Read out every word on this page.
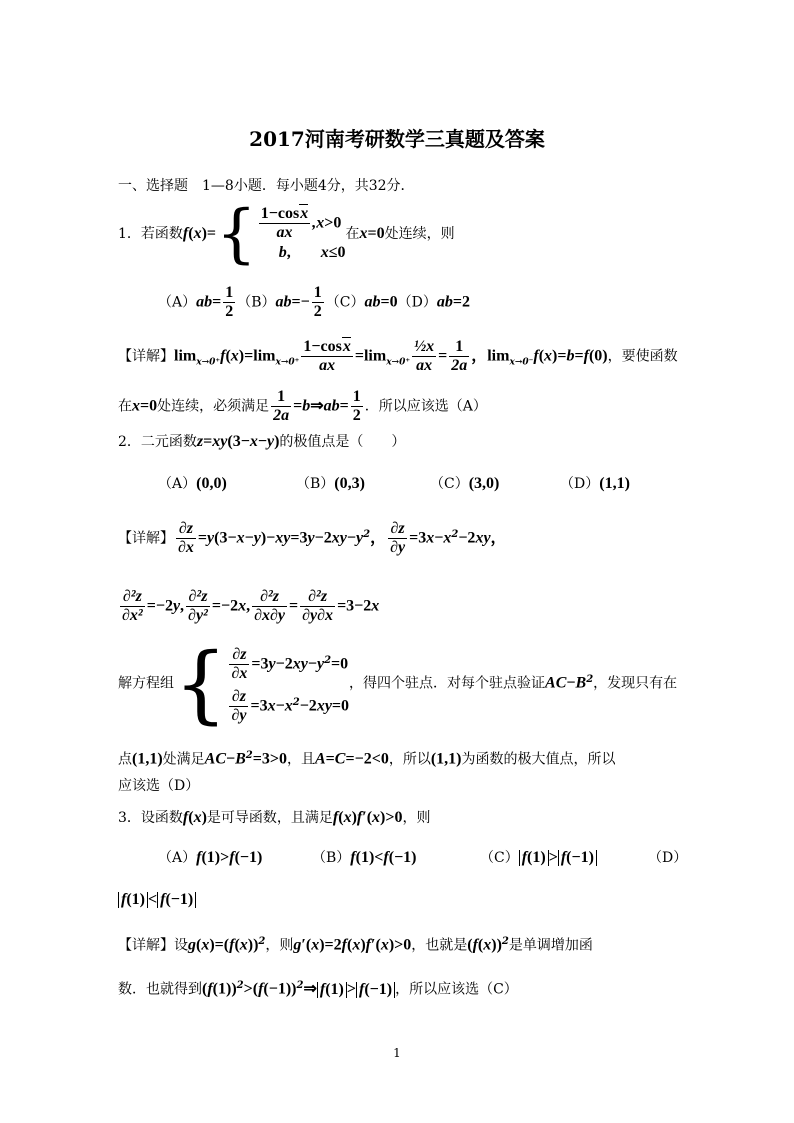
2017河南考研数学三真题及答案
一、选择题　1—8小题．每小题4分，共32分．
1．若函数$f(x)=\{ \frac{1-\cos x}{ax} ,x>0$
b, x≤0
在x=0处连续，则
$(A)ab= \frac{1}{2} (B)ab=- \frac{1}{2} (C)ab=0(D)ab=2$
【详解】$\lim_{x\to 0^+}f(x)=\lim_{x\to 0^+} \frac{1-\cos x}{ax} =\lim_{x\to 0^+} \frac{\text{½x}}{ax} = \frac{1}{2a}$ ，$\lim_{x\to 0^-}f(x)=b=f(0)$，要使函数
在x=0处连续，必须满足 $\frac{1}{2a}$ =b⇒ab= $\frac{1}{2}$ ．所以应该选（A）
2．二元函数z=xy(3−x−y)的极值点是（　　）
（A）(0,0)	（B）(0,3)	（C）(3,0)	（D）(1,1)
【详解】 $\frac{\partial z}{\partial x} =y(3-x-y)-xy=3y-2xy-y^2$， $\frac{\partial z}{\partial y} =3x-x^2-2xy$，
$\frac{\text{∂²z}}{\text{∂x²}} =-2y$, $\frac{\text{∂²z}}{\text{∂y²}} =-2x$, $\frac{\text{∂²z}}{\partial x\partial y} = \frac{\text{∂²z}}{\partial y\partial x} =3-2x$
解方程组{ $\frac{\partial z}{\partial x} =3y-2xy-y^2=0$
$\frac{\partial z}{\partial y} =3x-x^2-2xy=0$
，得四个驻点．对每个驻点验证$AC-B^2$，发现只有在
点(1,1)处满足$AC-B^2=3>0$，且A=C=−2<0，所以(1,1)为函数的极大值点，所以
应该选（D）
3．设函数f(x)是可导函数，且满足f(x)f′(x)>0，则
（A）f(1)>f(−1)	（B）f(1)<f(−1)	（C） f(1) > f(−1)	（D）
f(1) < f(−1)
【详解】设$g(x)=(f(x))^2$，则g′(x)=2f(x)f′(x)>0，也就是$(f(x))^2$是单调增加函
数．也就得到$(f(1))^2>(f(-1))^2\Rightarrow$ f(1) > f(−1) ，所以应该选（C）
1
